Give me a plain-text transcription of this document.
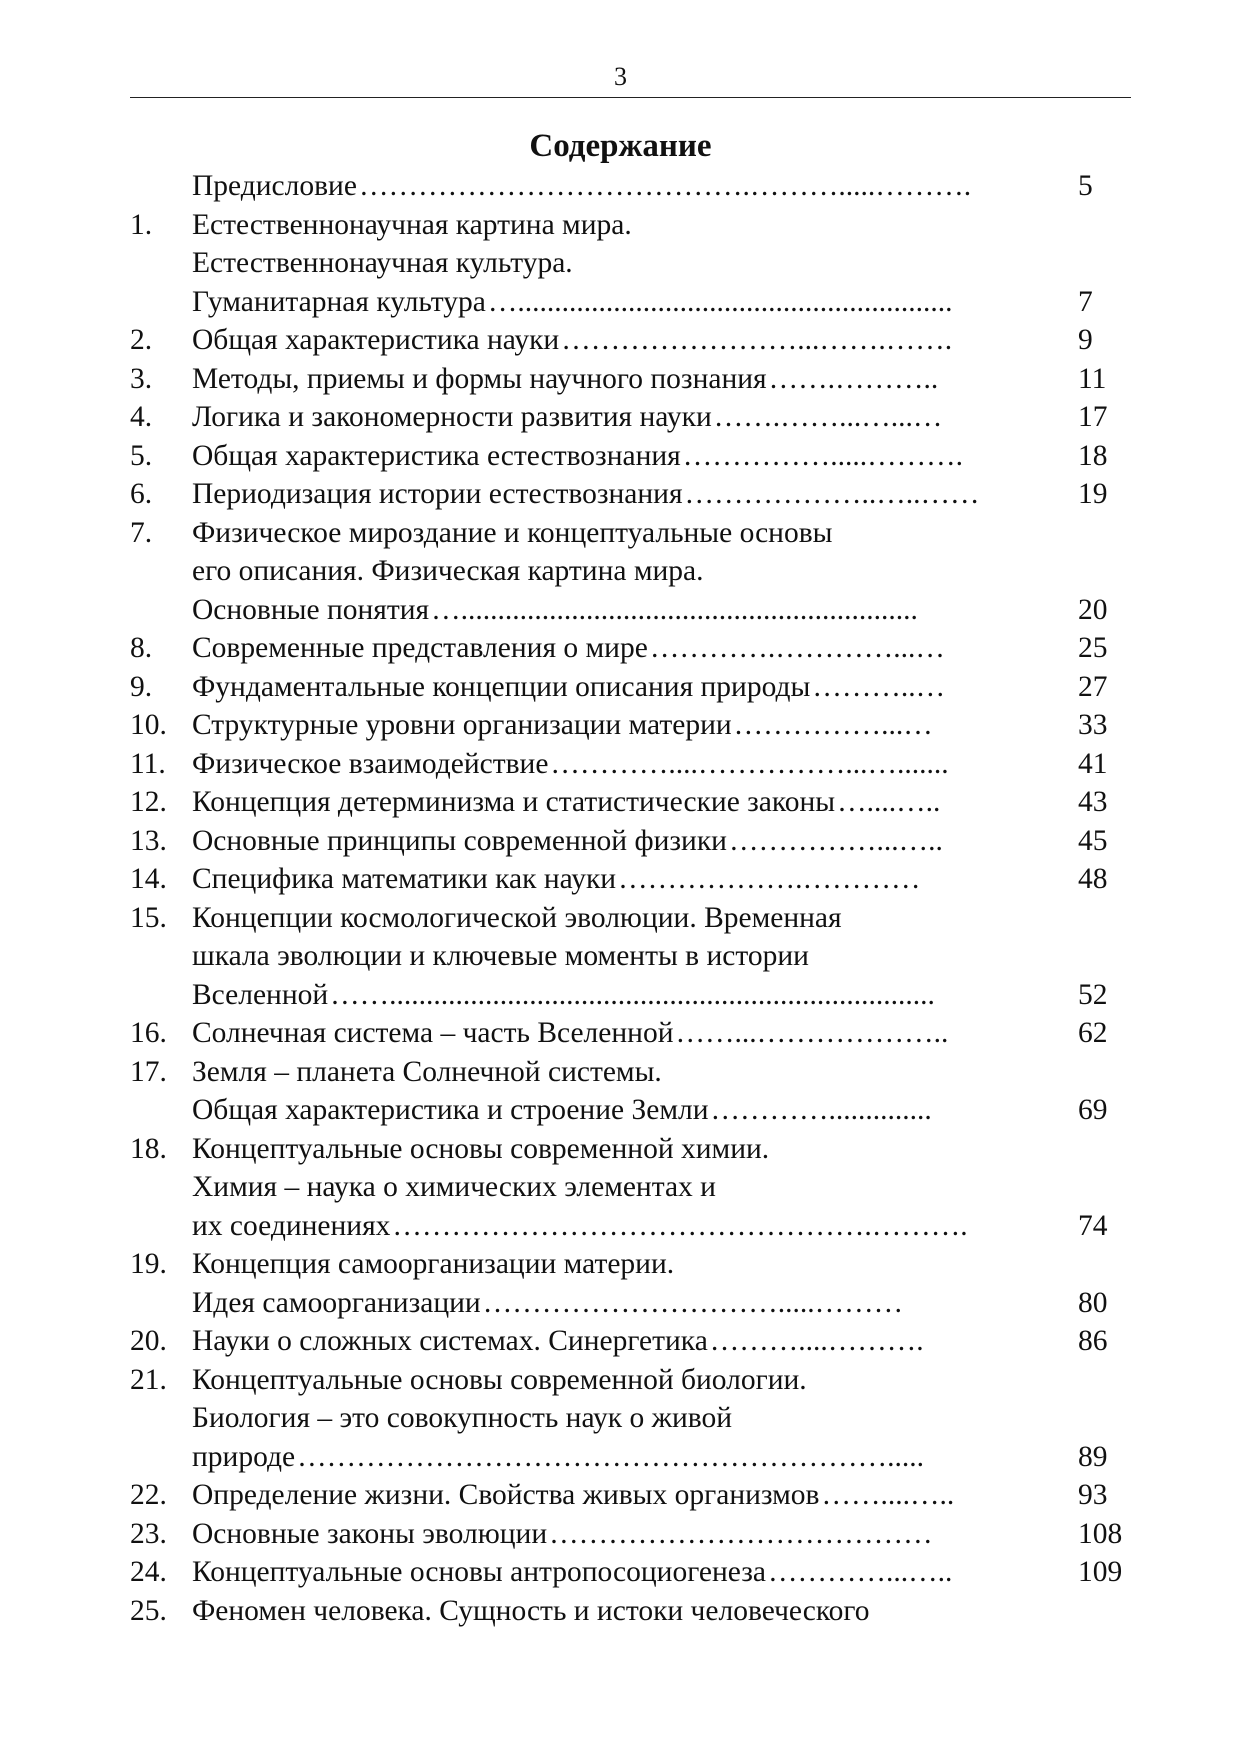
3
Содержание
Предисловие ………………………………….……….....……….	5
1.	Естественнонаучная картина мира.
Естественнонаучная культура.
Гуманитарная культура …...........................................................	7
2.	Общая характеристика науки ……………………...…….…….	9
3.	Методы, приемы и формы научного познания …….………..	11
4.	Логика и закономерности развития науки …….……...…...…	17
5.	Общая характеристика естествознания …………….....……….	18
6.	Периодизация истории естествознания ………………..…..……	19
7.	Физическое мироздание и концептуальные основы
его описания. Физическая картина мира.
Основные понятия …..............................................................	20
8.	Современные представления о мире ………….…………...…	25
9.	Фундаментальные концепции описания природы ………..…	27
10. Структурные уровни организации материи ……………...…	33
11. Физическое взаимодействие …………....……………...….......	41
12. Концепция детерминизма и статистические законы …....…..	43
13. Основные принципы современной физики ……………...…..	45
14. Специфика математики как науки ……………….…………	48
15. Концепции космологической эволюции. Временная
шкала эволюции и ключевые моменты в истории
Вселенной ……..........................................................................	52
16. Солнечная система – часть Вселенной ……...………………..	62
17. Земля – планета Солнечной системы.
Общая характеристика и строение Земли …………..............	69
18. Концептуальные основы современной химии.
Химия – наука о химических элементах и
их соединениях ………………………………………….……….	74
19. Концепция самоорганизации материи.
Идея самоорганизации ………………………….....………	80
20. Науки о сложных системах. Синергетика ………....……….	86
21. Концептуальные основы современной биологии.
Биология – это совокупность наук о живой
природе …………………………………………………….....	89
22. Определение жизни. Свойства живых организмов ……....…..	93
23. Основные законы эволюции …………………………………	108
24. Концептуальные основы антропосоциогенеза …………...…..	109
25. Феномен человека. Сущность и истоки человеческого
